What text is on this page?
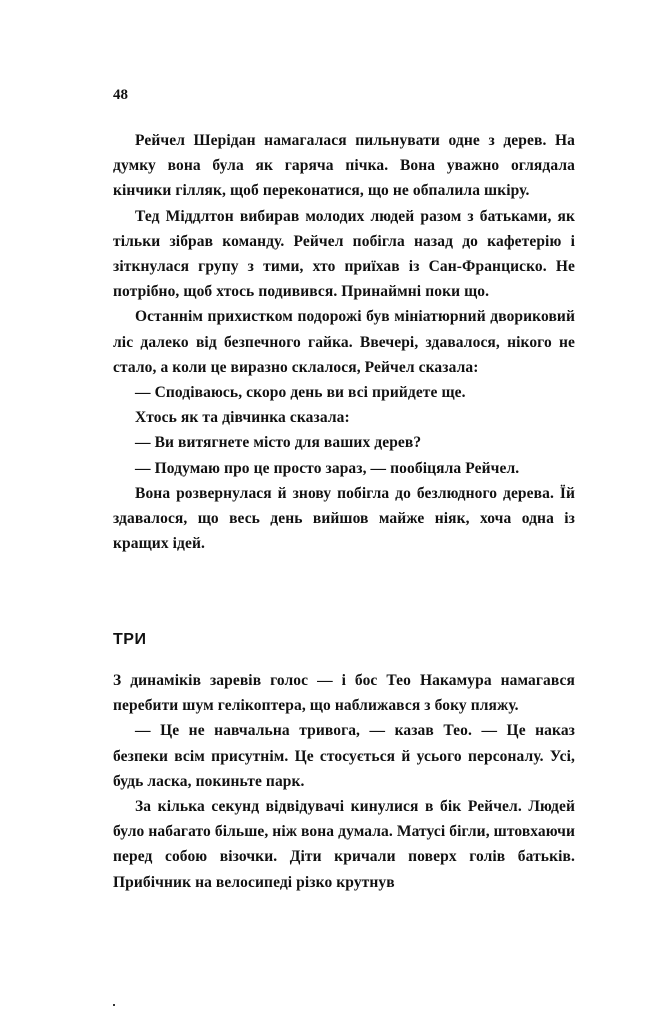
48

Рейчел Шерідан намагалася пильнувати одне з дерев. На думку вона була як гаряча пічка. Вона уважно оглядала кінчики гілляк, щоб переконатися, що не обпалила шкіру.

Тед Міддлтон вибирав молодих людей разом з батьками, як тільки зібрав команду. Рейчел побігла назад до кафетерію і зіткнулася групу з тими, хто приїхав із Сан-Франциско. Не потрібно, щоб хтось подивився. Принаймні поки що.

Останнім прихистком подорожі був мініатюрний двориковий ліс далеко від безпечного гайка. Ввечері, здавалося, нікого не стало, а коли це виразно склалося, Рейчел сказала:

— Сподіваюсь, скоро день ви всі прийдете ще.

Хтось як та дівчинка сказала:

— Ви витягнете місто для ваших дерев?

— Подумаю про це просто зараз, — пообіцяла Рейчел.

Вона розвернулася й знову побігла до безлюдного дерева. Їй здавалося, що весь день вийшов майже ніяк, хоча одна із кращих ідей.

ТРИ

З динаміків заревів голос — і бос Тео Накамура намагався перебити шум гелікоптера, що наближався з боку пляжу.

— Це не навчальна тривога, — казав Тео. — Це наказ безпеки всім присутнім. Це стосується й усього персоналу. Усі, будь ласка, покиньте парк.

За кілька секунд відвідувачі кинулися в бік Рейчел. Людей було набагато більше, ніж вона думала. Матусі бігли, штовхаючи перед собою візочки. Діти кричали поверх голів батьків. Прибічник на велосипеді різко крутнув
